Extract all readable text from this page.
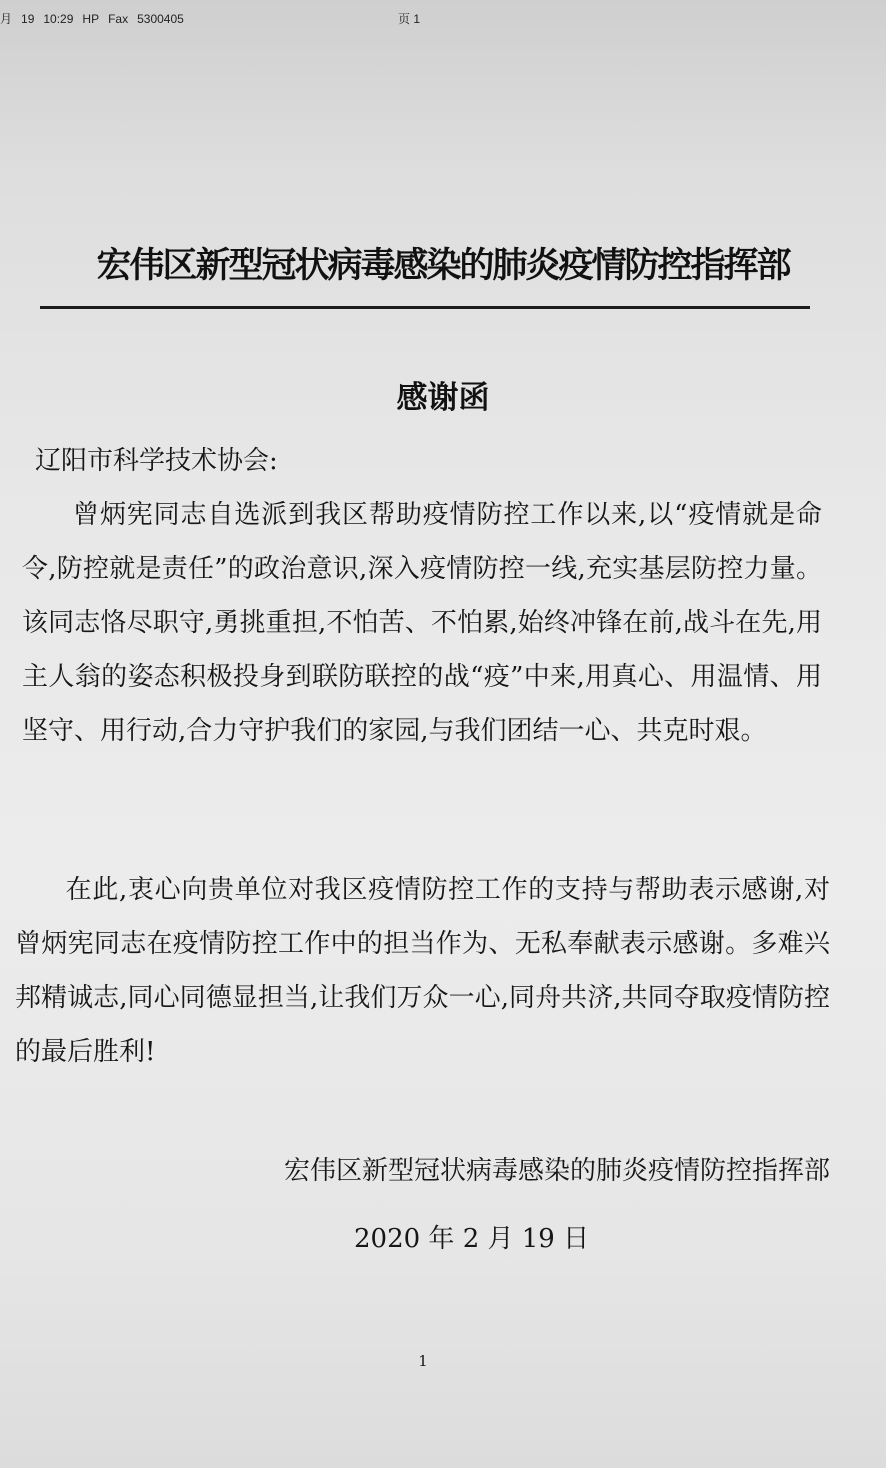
月 19 10:29 HP Fax 5300405	页 1
宏伟区新型冠状病毒感染的肺炎疫情防控指挥部
感谢函
辽阳市科学技术协会:
曾炳宪同志自选派到我区帮助疫情防控工作以来,以“疫情就是命令,防控就是责任”的政治意识,深入疫情防控一线,充实基层防控力量。该同志恪尽职守,勇挑重担,不怕苦、不怕累,始终冲锋在前,战斗在先,用主人翁的姿态积极投身到联防联控的战“疫”中来,用真心、用温情、用坚守、用行动,合力守护我们的家园,与我们团结一心、共克时艰。
在此,衷心向贵单位对我区疫情防控工作的支持与帮助表示感谢,对曾炳宪同志在疫情防控工作中的担当作为、无私奉献表示感谢。多难兴邦精诚志,同心同德显担当,让我们万众一心,同舟共济,共同夺取疫情防控的最后胜利!
宏伟区新型冠状病毒感染的肺炎疫情防控指挥部
2020 年 2 月 19 日
1
